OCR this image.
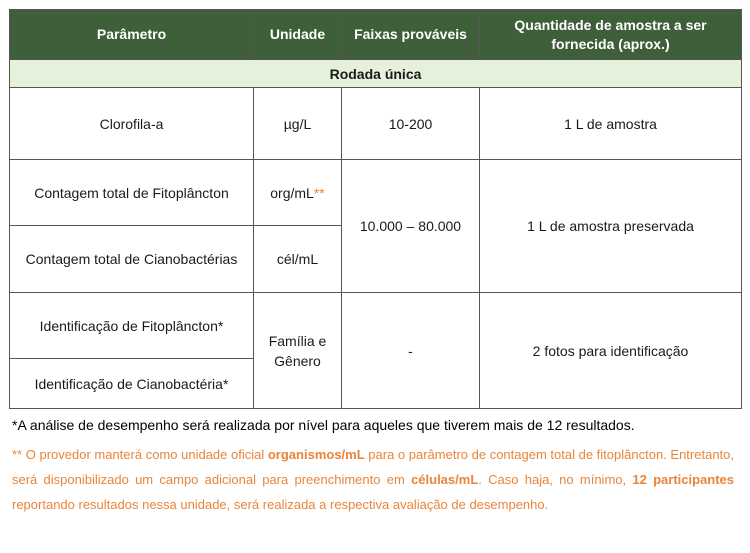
Parâmetro	Unidade	Faixas prováveis	Quantidade de amostra a ser fornecida (aprox.)
Rodada única			
Clorofila-a	µg/L	10-200	1 L de amostra
Contagem total de Fitoplâncton	org/mL**	10.000 – 80.000	1 L de amostra preservada
Contagem total de Cianobactérias	cél/mL		
Identificação de Fitoplâncton*	Família e Gênero	-	2 fotos para identificação
Identificação de Cianobactéria*			
*A análise de desempenho será realizada por nível para aqueles que tiverem mais de 12 resultados.
** O provedor manterá como unidade oficial organismos/mL para o parâmetro de contagem total de fitoplâncton. Entretanto, será disponibilizado um campo adicional para preenchimento em células/mL. Caso haja, no mínimo, 12 participantes reportando resultados nessa unidade, será realizada a respectiva avaliação de desempenho.
